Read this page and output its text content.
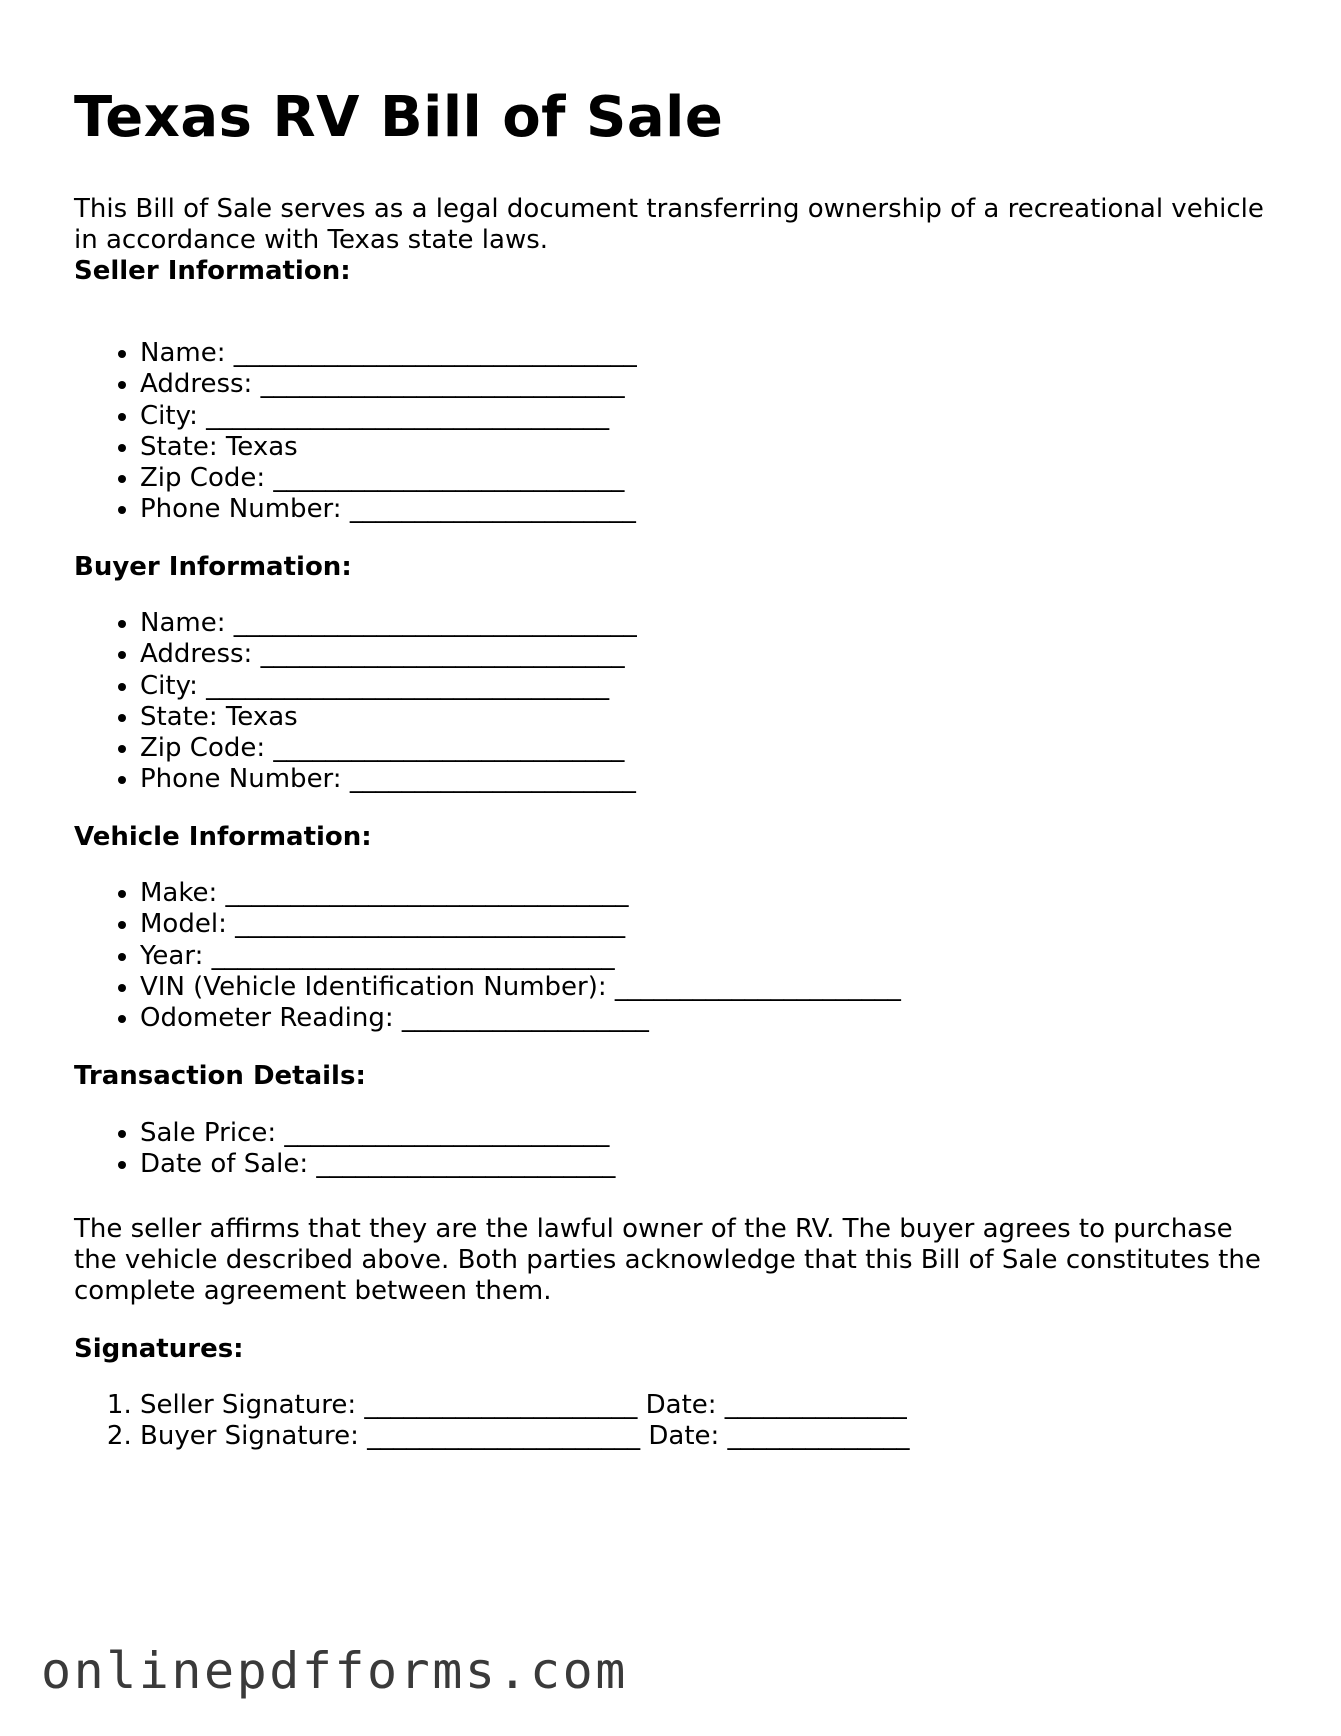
Texas RV Bill of Sale

This Bill of Sale serves as a legal document transferring ownership of a recreational vehicle in accordance with Texas state laws.

Seller Information:
• Name: _______________________________
• Address: ____________________________
• City: _______________________________
• State: Texas
• Zip Code: ___________________________
• Phone Number: ______________________
Buyer Information:
• Name: _______________________________
• Address: ____________________________
• City: _______________________________
• State: Texas
• Zip Code: ___________________________
• Phone Number: ______________________
Vehicle Information:
• Make: _______________________________
• Model: ______________________________
• Year: _______________________________
• VIN (Vehicle Identification Number): ______________________
• Odometer Reading: ___________________
Transaction Details:
• Sale Price: _________________________
• Date of Sale: _______________________

The seller affirms that they are the lawful owner of the RV. The buyer agrees to purchase the vehicle described above. Both parties acknowledge that this Bill of Sale constitutes the complete agreement between them.

Signatures:
1. Seller Signature: _____________________ Date: ______________
2. Buyer Signature: _____________________ Date: ______________
onlinepdfforms.com
